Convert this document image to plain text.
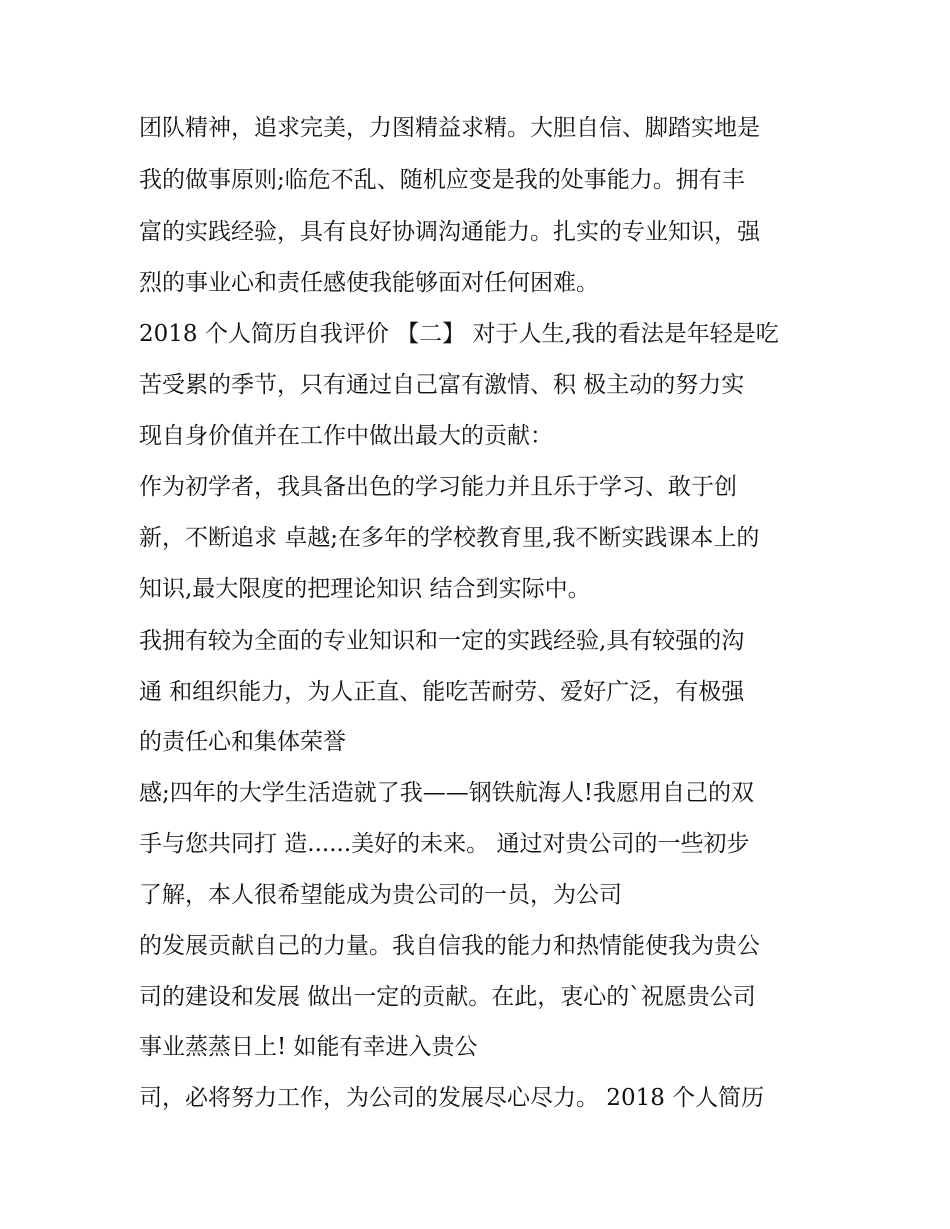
团队精神，追求完美，力图精益求精。大胆自信、脚踏实地是
我的做事原则;临危不乱、随机应变是我的处事能力。拥有丰
富的实践经验，具有良好协调沟通能力。扎实的专业知识，强
烈的事业心和责任感使我能够面对任何困难。
2018 个人简历自我评价 【二】 对于人生,我的看法是年轻是吃
苦受累的季节，只有通过自己富有激情、积 极主动的努力实
现自身价值并在工作中做出最大的贡献：
作为初学者，我具备出色的学习能力并且乐于学习、敢于创
新，不断追求 卓越;在多年的学校教育里,我不断实践课本上的
知识,最大限度的把理论知识 结合到实际中。
我拥有较为全面的专业知识和一定的实践经验,具有较强的沟
通 和组织能力，为人正直、能吃苦耐劳、爱好广泛，有极强
的责任心和集体荣誉
感;四年的大学生活造就了我——钢铁航海人!我愿用自己的双
手与您共同打 造......美好的未来。 通过对贵公司的一些初步
了解，本人很希望能成为贵公司的一员，为公司
的发展贡献自己的力量。我自信我的能力和热情能使我为贵公
司的建设和发展 做出一定的贡献。在此，衷心的`祝愿贵公司
事业蒸蒸日上! 如能有幸进入贵公
司，必将努力工作，为公司的发展尽心尽力。 2018 个人简历
